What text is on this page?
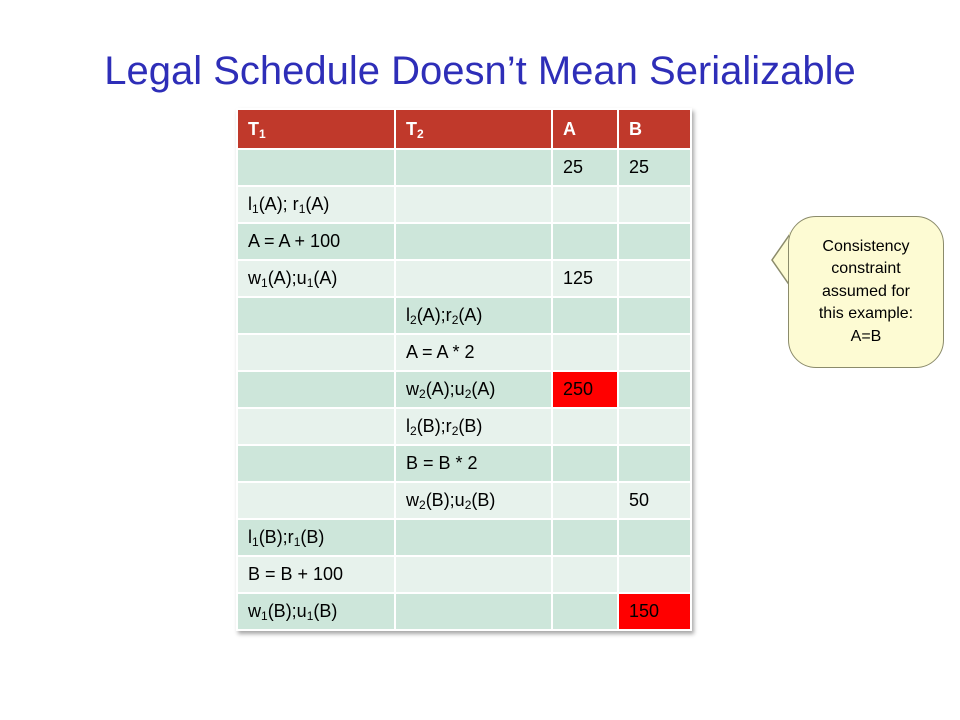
Legal Schedule Doesn’t Mean Serializable
$T_1$	$T_2$	A	B
		25	25
$l_1(A)$; $r_1(A)$			
A = A + 100			
$w_1(A);u_1(A)$		125	
	$l_2(A);r_2(A)$		
	A = A * 2		
	$w_2(A);u_2(A)$	250	
	$l_2(B);r_2(B)$		
	B = B * 2		
	$w_2(B);u_2(B)$		50
$l_1(B);r_1(B)$			
B = B + 100			
$w_1(B);u_1(B)$			150
Consistency
constraint
assumed for
this example:
A=B
